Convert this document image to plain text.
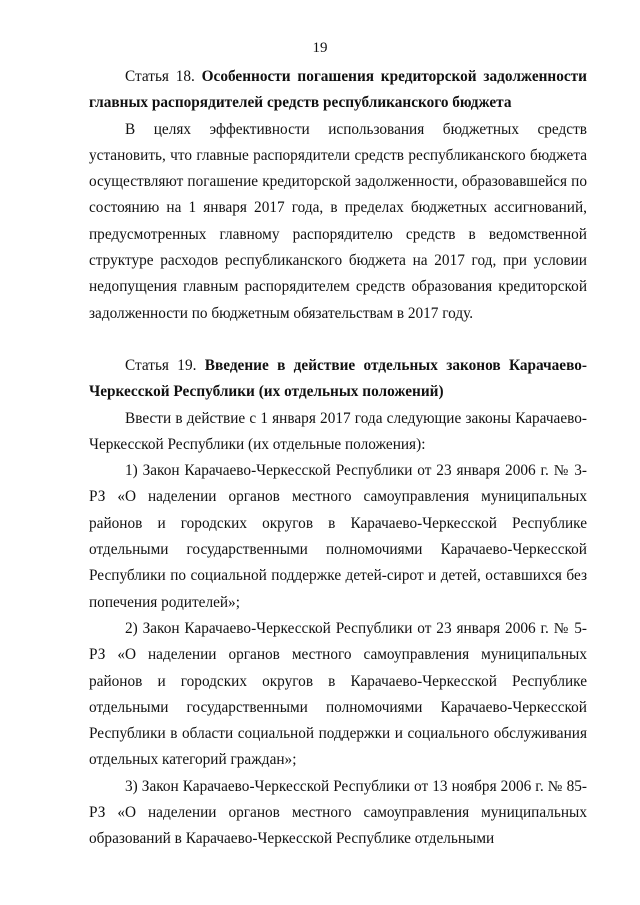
19

Статья 18. Особенности погашения кредиторской задолженности главных распорядителей средств республиканского бюджета

В целях эффективности использования бюджетных средств установить, что главные распорядители средств республиканского бюджета осуществляют погашение кредиторской задолженности, образовавшейся по состоянию на 1 января 2017 года, в пределах бюджетных ассигнований, предусмотренных главному распорядителю средств в ведомственной структуре расходов республиканского бюджета на 2017 год, при условии недопущения главным распорядителем средств образования кредиторской задолженности по бюджетным обязательствам в 2017 году.

Статья 19. Введение в действие отдельных законов Карачаево-Черкесской Республики (их отдельных положений)

Ввести в действие с 1 января 2017 года следующие законы Карачаево-Черкесской Республики (их отдельные положения):

1) Закон Карачаево-Черкесской Республики от 23 января 2006 г. № 3-РЗ «О наделении органов местного самоуправления муниципальных районов и городских округов в Карачаево-Черкесской Республике отдельными государственными полномочиями Карачаево-Черкесской Республики по социальной поддержке детей-сирот и детей, оставшихся без попечения родителей»;

2) Закон Карачаево-Черкесской Республики от 23 января 2006 г. № 5-РЗ «О наделении органов местного самоуправления муниципальных районов и городских округов в Карачаево-Черкесской Республике отдельными государственными полномочиями Карачаево-Черкесской Республики в области социальной поддержки и социального обслуживания отдельных категорий граждан»;

3) Закон Карачаево-Черкесской Республики от 13 ноября 2006 г. № 85-РЗ «О наделении органов местного самоуправления муниципальных образований в Карачаево-Черкесской Республике отдельными
